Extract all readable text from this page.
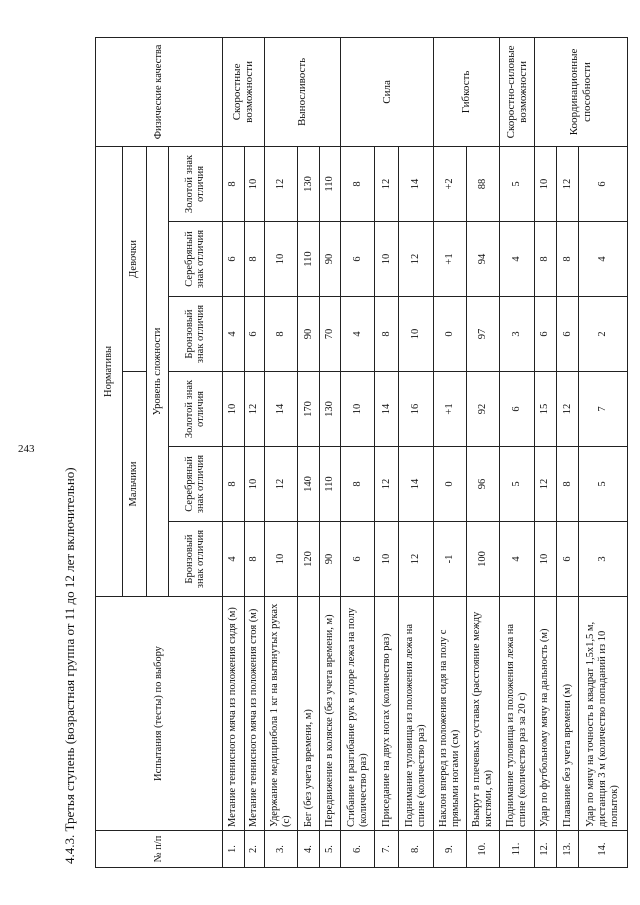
243
4.4.3. Третья ступень (возрастная группа от 11 до 12 лет включительно)	№ п/п	Испытания (тесты) по выбору	Нормативы						Физические качества
		Мальчики			Девочки			
		Уровень сложности						
		Бронзовый знак отличия	Серебряный знак отличия	Золотой знак отличия	Бронзовый знак отличия	Серебряный знак отличия	Золотой знак отличия	
1.	Метание теннисного мяча из положения сидя (м)	4	8	10	4	6	8	Скоростные возможности
2.	Метание теннисного мяча из положения стоя (м)	8	10	12	6	8	10	
3.	Удержание медицинбола 1 кг на вытянутых руках (с)	10	12	14	8	10	12	Выносливость
4.	Бег (без учета времени, м)	120	140	170	90	110	130	
5.	Передвижение в коляске (без учета времени, м)	90	110	130	70	90	110	
6.	Сгибание и разгибание рук в упоре лежа на полу (количество раз)	6	8	10	4	6	8	Сила
7.	Приседание на двух ногах (количество раз)	10	12	14	8	10	12	
8.	Поднимание туловища из положения лежа на спине (количество раз)	12	14	16	10	12	14	
9.	Наклон вперед из положения сидя на полу с прямыми ногами (см)	-1	0	+1	0	+1	+2	Гибкость
10.	Выкрут в плечевых суставах (расстояние между кистями, см)	100	96	92	97	94	88	
11.	Поднимание туловища из положения лежа на спине (количество раз за 20 с)	4	5	6	3	4	5	Скоростно-силовые возможности
12.	Удар по футбольному мячу на дальность (м)	10	12	15	6	8	10	Координационные способности
13.	Плавание без учета времени (м)	6	8	12	6	8	12	
14.	Удар по мячу на точность в квадрат 1,5x1,5 м, дистанция 3 м (количество попаданий из 10 попыток)	3	5	7	2	4	6	
